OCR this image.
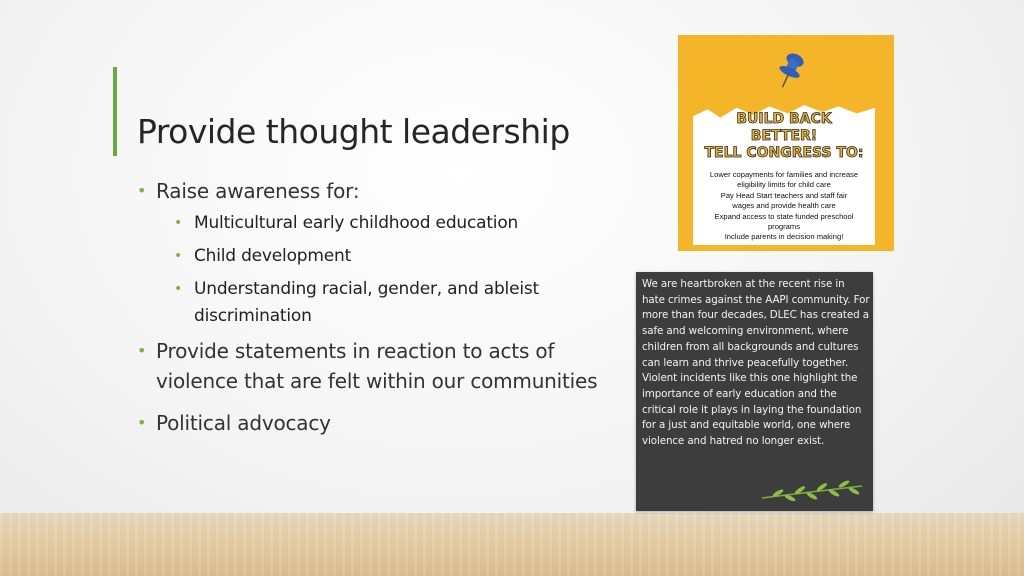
Provide thought leadership
• Raise awareness for:
• Multicultural early childhood education
• Child development
• Understanding racial, gender, and ableist discrimination
• Provide statements in reaction to acts of violence that are felt within our communities
• Political advocacy
BUILD BACK
BETTER!
TELL CONGRESS TO:
Lower copayments for families and increase eligibility limits for child care
Pay Head Start teachers and staff fair wages and provide health care
Expand access to state funded preschool programs
Include parents in decision making!
We are heartbroken at the recent rise in hate crimes against the AAPI community. For more than four decades, DLEC has created a safe and welcoming environment, where children from all backgrounds and cultures can learn and thrive peacefully together. Violent incidents like this one highlight the importance of early education and the critical role it plays in laying the foundation for a just and equitable world, one where violence and hatred no longer exist.
